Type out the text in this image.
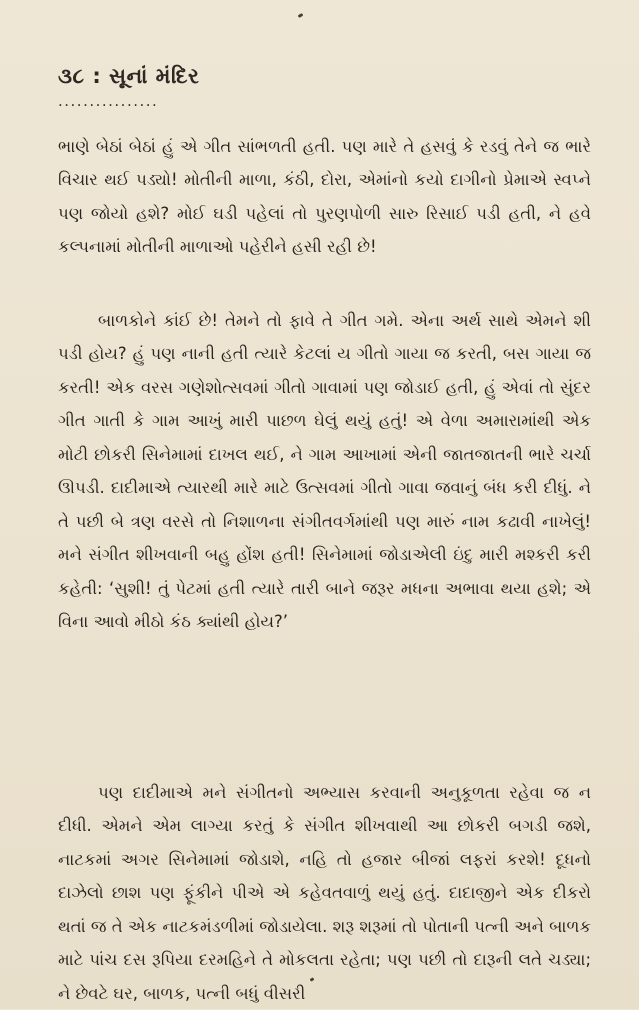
૩૮ : સૂનાં મંદિર
................

ભાણે બેઠાં બેઠાં હું એ ગીત સાંભળતી હતી. પણ મારે તે હસવું કે રડવું તેને જ ભારે વિચાર થઈ પડ્યો! મોતીની માળા, કંઠી, દોરા, એમાંનો કયો દાગીનો પ્રેમાએ સ્વપ્ને પણ જોયો હશે? મોઈ ઘડી પહેલાં તો પુરણપોળી સારુ રિસાઈ પડી હતી, ને હવે કલ્પનામાં મોતીની માળાઓ પહેરીને હસી રહી છે!

બાળકોને કાંઈ છે! તેમને તો ફાવે તે ગીત ગમે. એના અર્થ સાથે એમને શી પડી હોય? હું પણ નાની હતી ત્યારે કેટલાં ય ગીતો ગાયા જ કરતી, બસ ગાયા જ કરતી! એક વરસ ગણેશોત્સવમાં ગીતો ગાવામાં પણ જોડાઈ હતી, હું એવાં તો સુંદર ગીત ગાતી કે ગામ આખું મારી પાછળ ઘેલું થયું હતું! એ વેળા અમારામાંથી એક મોટી છોકરી સિનેમામાં દાખલ થઈ, ને ગામ આખામાં એની જાતજાતની ભારે ચર્ચા ઊપડી. દાદીમાએ ત્યારથી મારે માટે ઉત્સવમાં ગીતો ગાવા જવાનું બંધ કરી દીધું. ને તે પછી બે ત્રણ વરસે તો નિશાળના સંગીતવર્ગમાંથી પણ મારું નામ કઢાવી નાખેલું! મને સંગીત શીખવાની બહુ હોંશ હતી! સિનેમામાં જોડાએલી ઇંદુ મારી મશ્કરી કરી કહેતી: ‘સુશી! તું પેટમાં હતી ત્યારે તારી બાને જરૂર મધના અભાવા થયા હશે; એ વિના આવો મીઠો કંઠ ક્યાંથી હોય?’

પણ દાદીમાએ મને સંગીતનો અભ્યાસ કરવાની અનુકૂળતા રહેવા જ ન દીધી. એમને એમ લાગ્યા કરતું કે સંગીત શીખવાથી આ છોકરી બગડી જશે, નાટકમાં અગર સિનેમામાં જોડાશે, નહિ તો હજાર બીજાં લફરાં કરશે! દૂધનો દાઝેલો છાશ પણ ફૂંકીને પીએ એ કહેવતવાળું થયું હતું. દાદાજીને એક દીકરો થતાં જ તે એક નાટકમંડળીમાં જોડાયેલા. શરૂ શરૂમાં તો પોતાની પત્ની અને બાળક માટે પાંચ દસ રૂપિયા દરમહિને તે મોકલતા રહેતા; પણ પછી તો દારૂની લતે ચડ્યા; ને છેવટે ઘર, બાળક, પત્ની બધું વીસરી
